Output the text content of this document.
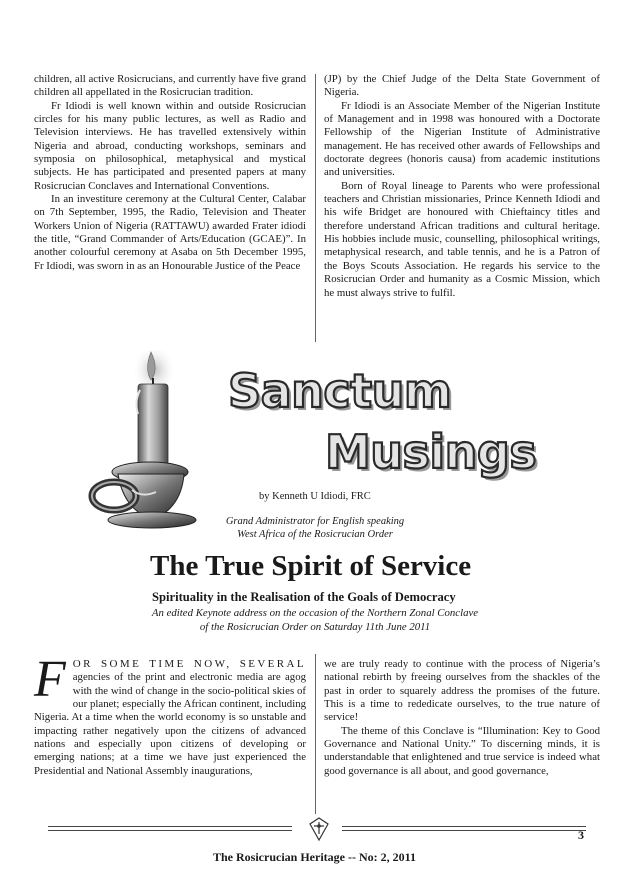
children, all active Rosicrucians, and currently have five grand children all appellated in the Rosicrucian tradition.

Fr Idiodi is well known within and outside Rosicrucian circles for his many public lectures, as well as Radio and Television interviews. He has travelled extensively within Nigeria and abroad, conducting workshops, seminars and symposia on philosophical, metaphysical and mystical subjects. He has participated and presented papers at many Rosicrucian Conclaves and International Conventions.

In an investiture ceremony at the Cultural Center, Calabar on 7th September, 1995, the Radio, Television and Theater Workers Union of Nigeria (RATTAWU) awarded Frater idiodi the title, “Grand Commander of Arts/Education (GCAE)”. In another colourful ceremony at Asaba on 5th December 1995, Fr Idiodi, was sworn in as an Honourable Justice of the Peace

(JP) by the Chief Judge of the Delta State Government of Nigeria.

Fr Idiodi is an Associate Member of the Nigerian Institute of Management and in 1998 was honoured with a Doctorate Fellowship of the Nigerian Institute of Administrative management. He has received other awards of Fellowships and doctorate degrees (honoris causa) from academic institutions and universities.

Born of Royal lineage to Parents who were professional teachers and Christian missionaries, Prince Kenneth Idiodi and his wife Bridget are honoured with Chieftaincy titles and therefore understand African traditions and cultural heritage. His hobbies include music, counselling, philosophical writings, metaphysical research, and table tennis, and he is a Patron of the Boys Scouts Association. He regards his service to the Rosicrucian Order and humanity as a Cosmic Mission, which he must always strive to fulfil.

Sanctum
Musings
by Kenneth U Idiodi, FRC
Grand Administrator for English speaking
West Africa of the Rosicrucian Order
The True Spirit of Service
Spirituality in the Realisation of the Goals of Democracy
An edited Keynote address on the occasion of the Northern Zonal Conclave
of the Rosicrucian Order on Saturday 11th June 2011
F OR SOME TIME NOW, SEVERAL agencies of the print and electronic media are agog with the wind of change in the socio-political skies of our planet; especially the African continent, including Nigeria. At a time when the world economy is so unstable and impacting rather negatively upon the citizens of advanced nations and especially upon citizens of developing or emerging nations; at a time we have just experienced the Presidential and National Assembly inaugurations,

we are truly ready to continue with the process of Nigeria’s national rebirth by freeing ourselves from the shackles of the past in order to squarely address the promises of the future. This is a time to rededicate ourselves, to the true nature of service!

The theme of this Conclave is “Illumination: Key to Good Governance and National Unity.” To discerning minds, it is understandable that enlightened and true service is indeed what good governance is all about, and good governance,

3
The Rosicrucian Heritage -- No: 2, 2011
